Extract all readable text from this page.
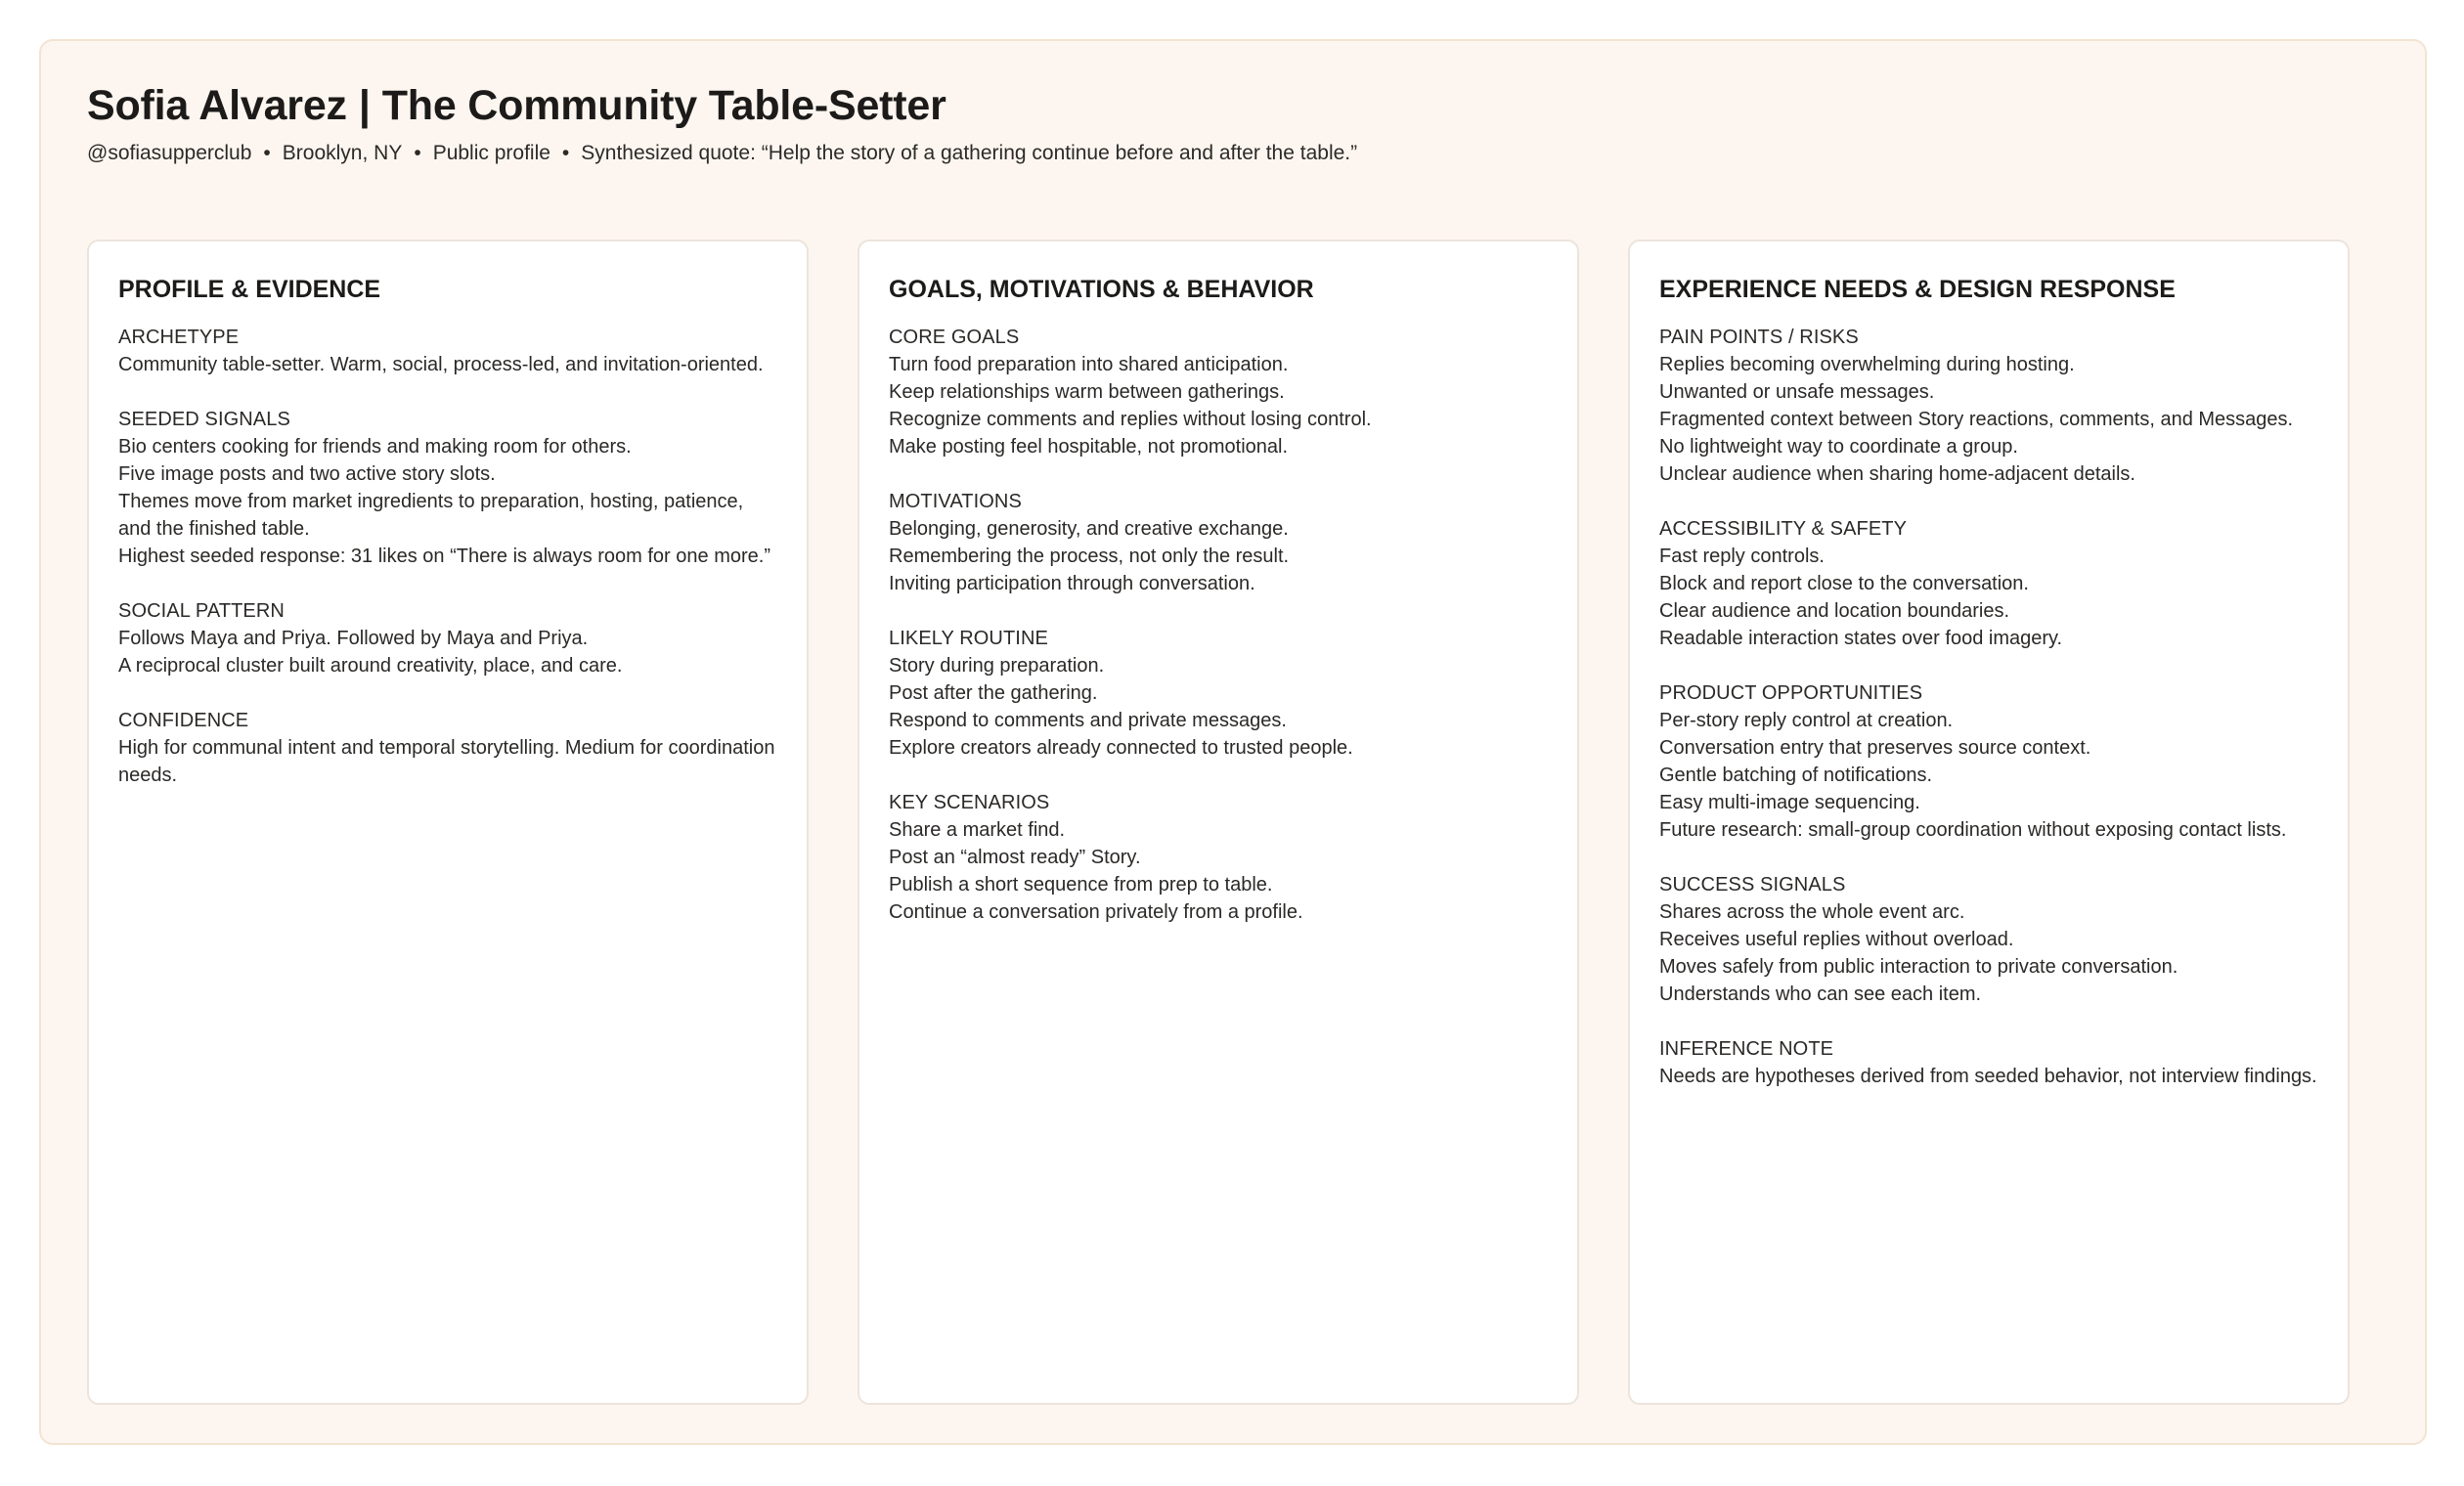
Sofia Alvarez | The Community Table-Setter
@sofiasupperclub • Brooklyn, NY • Public profile • Synthesized quote: “Help the story of a gathering continue before and after the table.”
PROFILE & EVIDENCE
ARCHETYPE
Community table-setter. Warm, social, process-led, and invitation-oriented.
SEEDED SIGNALS
Bio centers cooking for friends and making room for others.
Five image posts and two active story slots.
Themes move from market ingredients to preparation, hosting, patience, and the finished table.
Highest seeded response: 31 likes on “There is always room for one more.”
SOCIAL PATTERN
Follows Maya and Priya. Followed by Maya and Priya.
A reciprocal cluster built around creativity, place, and care.
CONFIDENCE
High for communal intent and temporal storytelling. Medium for coordination needs.
GOALS, MOTIVATIONS & BEHAVIOR
CORE GOALS
Turn food preparation into shared anticipation.
Keep relationships warm between gatherings.
Recognize comments and replies without losing control.
Make posting feel hospitable, not promotional.
MOTIVATIONS
Belonging, generosity, and creative exchange.
Remembering the process, not only the result.
Inviting participation through conversation.
LIKELY ROUTINE
Story during preparation.
Post after the gathering.
Respond to comments and private messages.
Explore creators already connected to trusted people.
KEY SCENARIOS
Share a market find.
Post an “almost ready” Story.
Publish a short sequence from prep to table.
Continue a conversation privately from a profile.
EXPERIENCE NEEDS & DESIGN RESPONSE
PAIN POINTS / RISKS
Replies becoming overwhelming during hosting.
Unwanted or unsafe messages.
Fragmented context between Story reactions, comments, and Messages.
No lightweight way to coordinate a group.
Unclear audience when sharing home-adjacent details.
ACCESSIBILITY & SAFETY
Fast reply controls.
Block and report close to the conversation.
Clear audience and location boundaries.
Readable interaction states over food imagery.
PRODUCT OPPORTUNITIES
Per-story reply control at creation.
Conversation entry that preserves source context.
Gentle batching of notifications.
Easy multi-image sequencing.
Future research: small-group coordination without exposing contact lists.
SUCCESS SIGNALS
Shares across the whole event arc.
Receives useful replies without overload.
Moves safely from public interaction to private conversation.
Understands who can see each item.
INFERENCE NOTE
Needs are hypotheses derived from seeded behavior, not interview findings.
